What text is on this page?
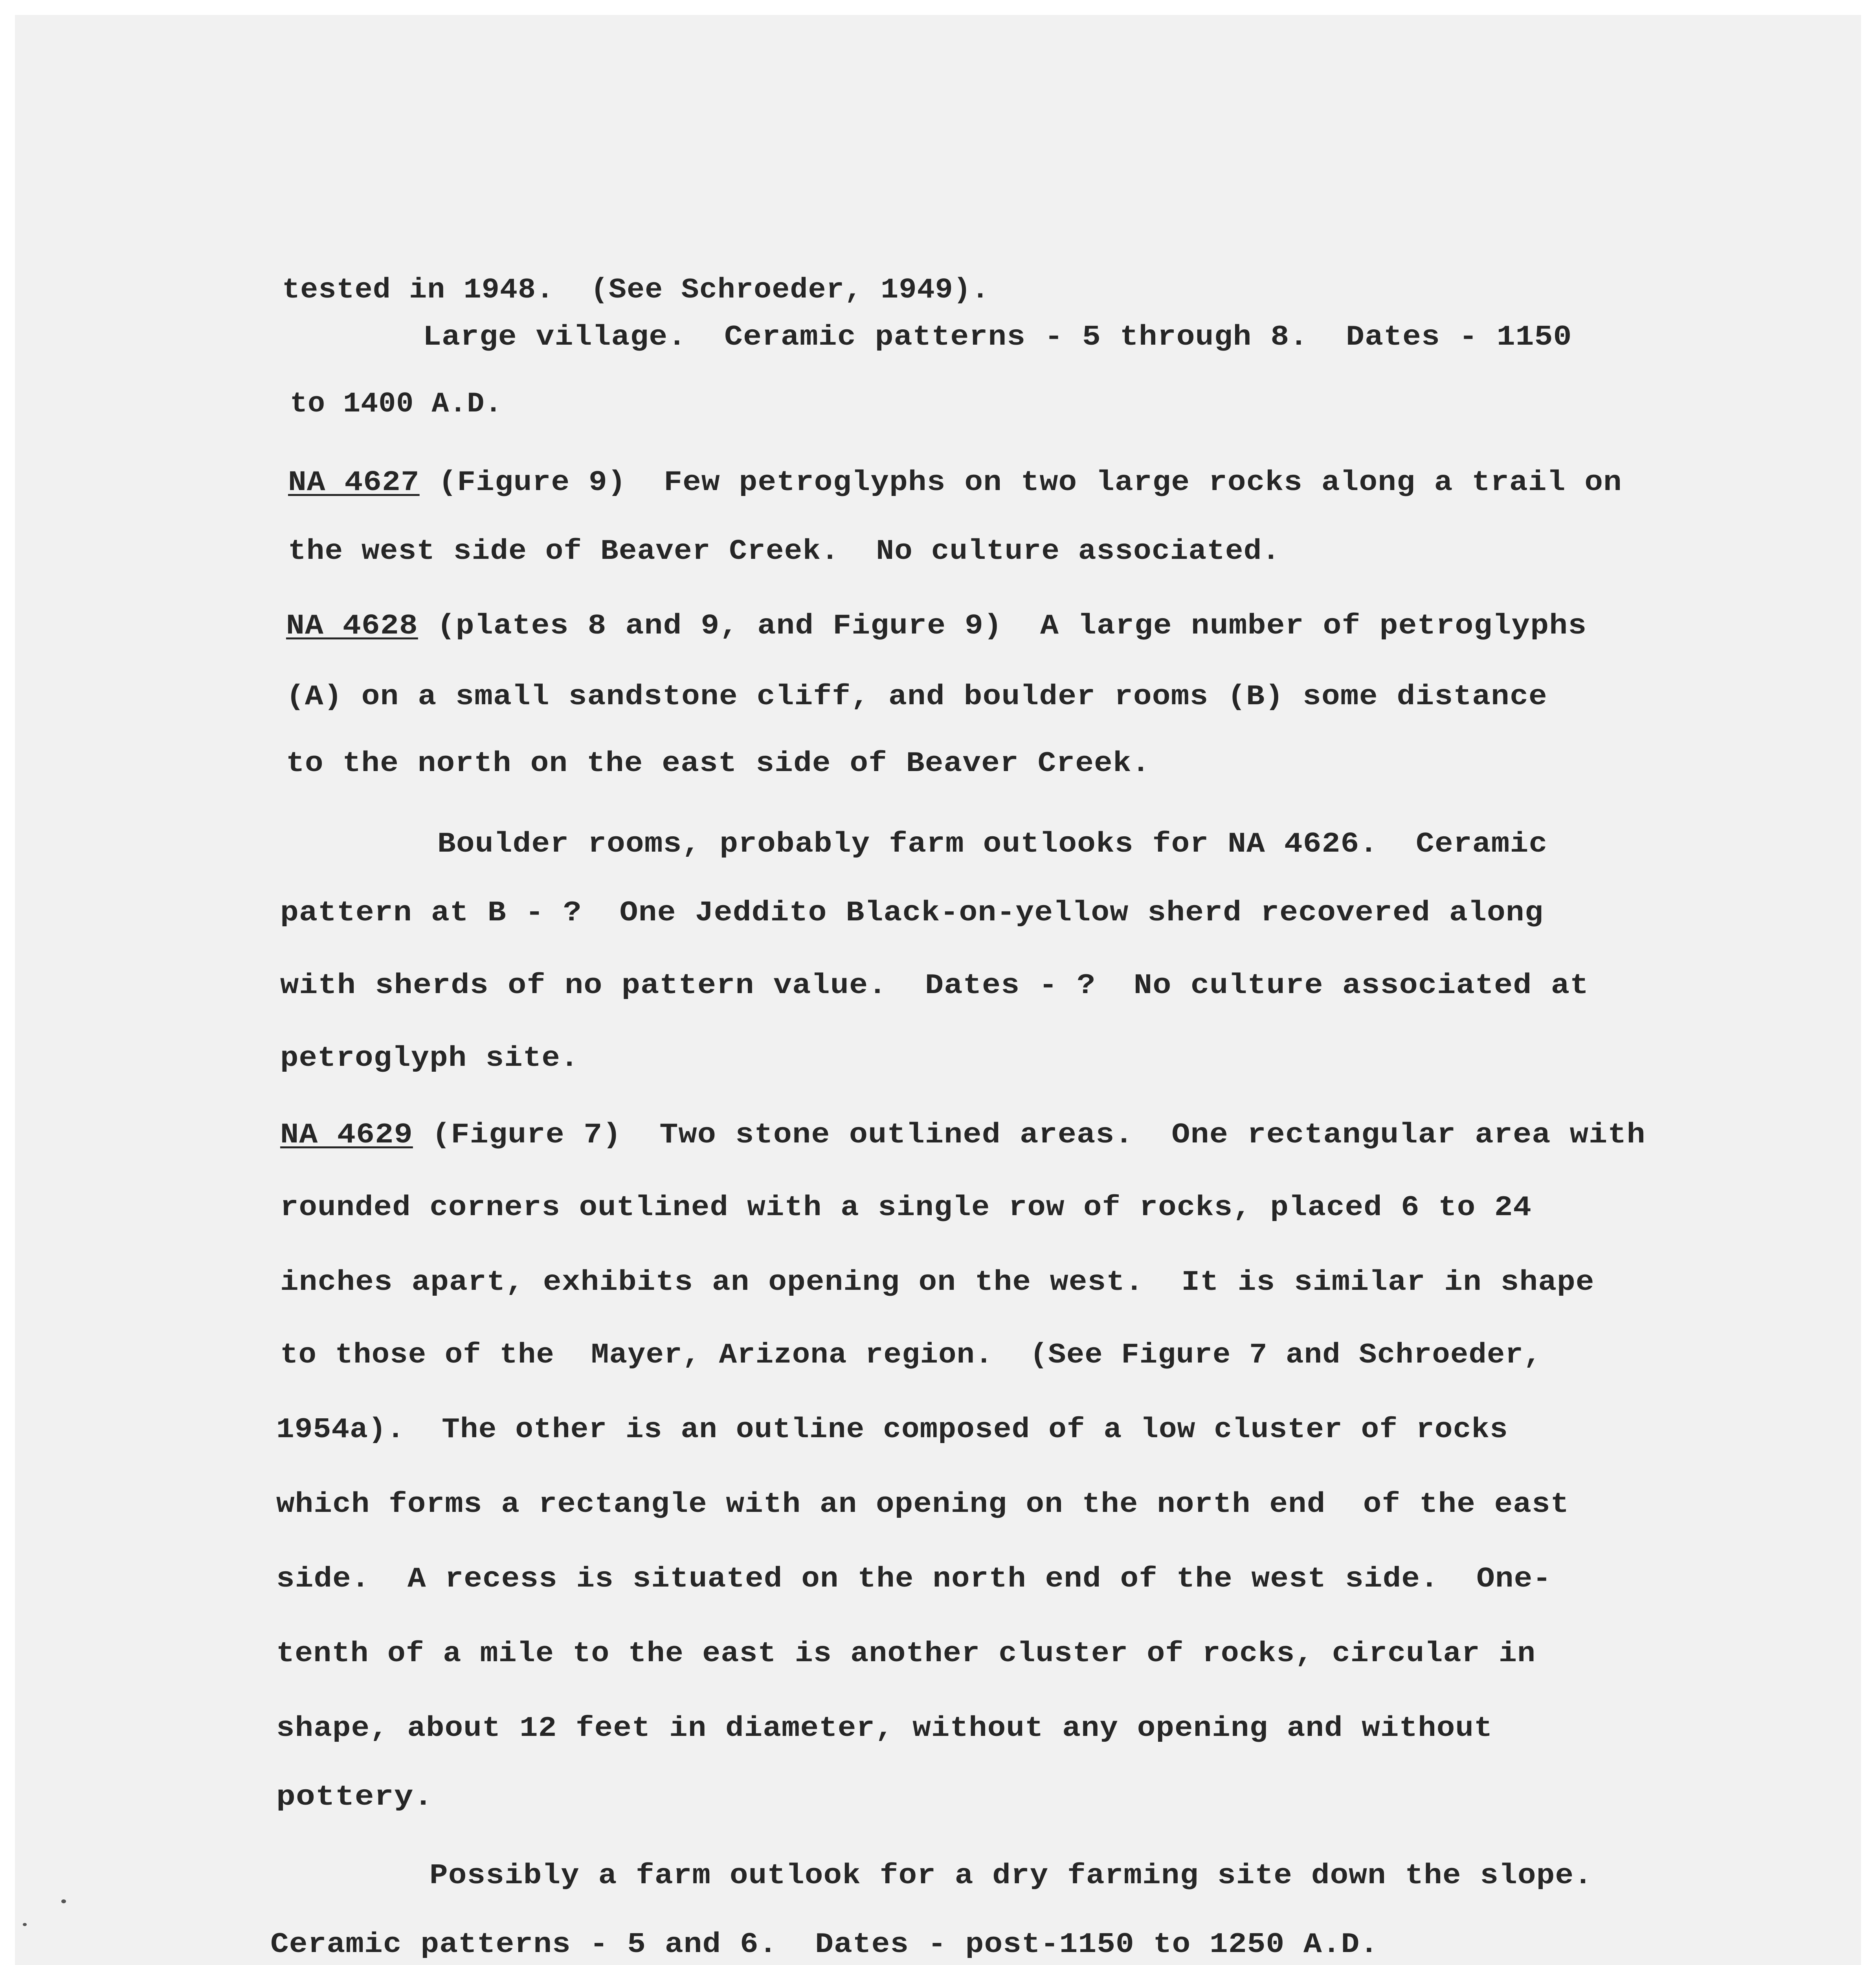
tested in 1948.  (See Schroeder, 1949).
Large village.  Ceramic patterns - 5 through 8.  Dates - 1150
to 1400 A.D.
NA 4627 (Figure 9)  Few petroglyphs on two large rocks along a trail on
the west side of Beaver Creek.  No culture associated.
NA 4628 (plates 8 and 9, and Figure 9)  A large number of petroglyphs
(A) on a small sandstone cliff, and boulder rooms (B) some distance
to the north on the east side of Beaver Creek.
Boulder rooms, probably farm outlooks for NA 4626.  Ceramic
pattern at B - ?  One Jeddito Black-on-yellow sherd recovered along
with sherds of no pattern value.  Dates - ?  No culture associated at
petroglyph site.
NA 4629 (Figure 7)  Two stone outlined areas.  One rectangular area with
rounded corners outlined with a single row of rocks, placed 6 to 24
inches apart, exhibits an opening on the west.  It is similar in shape
to those of the  Mayer, Arizona region.  (See Figure 7 and Schroeder,
1954a).  The other is an outline composed of a low cluster of rocks
which forms a rectangle with an opening on the north end  of the east
side.  A recess is situated on the north end of the west side.  One-
tenth of a mile to the east is another cluster of rocks, circular in
shape, about 12 feet in diameter, without any opening and without
pottery.
Possibly a farm outlook for a dry farming site down the slope.
Ceramic patterns - 5 and 6.  Dates - post-1150 to 1250 A.D.
